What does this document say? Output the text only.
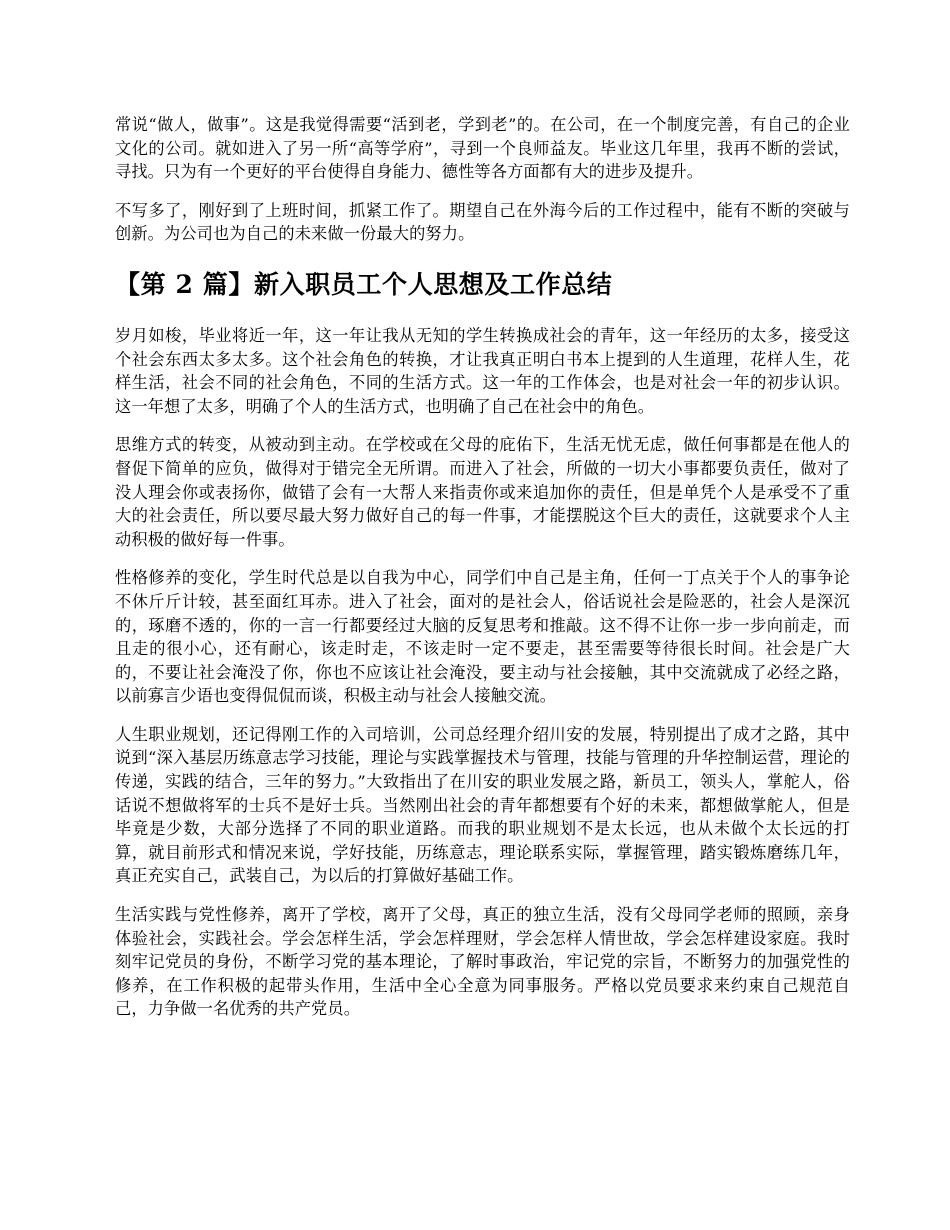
常说“做人，做事”。这是我觉得需要“活到老，学到老”的。在公司，在一个制度完善，有自己的企业文化的公司。就如进入了另一所“高等学府”，寻到一个良师益友。毕业这几年里，我再不断的尝试，寻找。只为有一个更好的平台使得自身能力、德性等各方面都有大的进步及提升。

不写多了，刚好到了上班时间，抓紧工作了。期望自己在外海今后的工作过程中，能有不断的突破与创新。为公司也为自己的未来做一份最大的努力。

【第 2 篇】新入职员工个人思想及工作总结

岁月如梭，毕业将近一年，这一年让我从无知的学生转换成社会的青年，这一年经历的太多，接受这个社会东西太多太多。这个社会角色的转换，才让我真正明白书本上提到的人生道理，花样人生，花样生活，社会不同的社会角色，不同的生活方式。这一年的工作体会，也是对社会一年的初步认识。这一年想了太多，明确了个人的生活方式，也明确了自己在社会中的角色。

思维方式的转变，从被动到主动。在学校或在父母的庇佑下，生活无忧无虑，做任何事都是在他人的督促下简单的应负，做得对于错完全无所谓。而进入了社会，所做的一切大小事都要负责任，做对了没人理会你或表扬你，做错了会有一大帮人来指责你或来追加你的责任，但是单凭个人是承受不了重大的社会责任，所以要尽最大努力做好自己的每一件事，才能摆脱这个巨大的责任，这就要求个人主动积极的做好每一件事。

性格修养的变化，学生时代总是以自我为中心，同学们中自己是主角，任何一丁点关于个人的事争论不休斤斤计较，甚至面红耳赤。进入了社会，面对的是社会人，俗话说社会是险恶的，社会人是深沉的，琢磨不透的，你的一言一行都要经过大脑的反复思考和推敲。这不得不让你一步一步向前走，而且走的很小心，还有耐心，该走时走，不该走时一定不要走，甚至需要等待很长时间。社会是广大的，不要让社会淹没了你，你也不应该让社会淹没，要主动与社会接触，其中交流就成了必经之路，以前寡言少语也变得侃侃而谈，积极主动与社会人接触交流。

人生职业规划，还记得刚工作的入司培训，公司总经理介绍川安的发展，特别提出了成才之路，其中说到“深入基层历练意志学习技能，理论与实践掌握技术与管理，技能与管理的升华控制运营，理论的传递，实践的结合，三年的努力。”大致指出了在川安的职业发展之路，新员工，领头人，掌舵人，俗话说不想做将军的士兵不是好士兵。当然刚出社会的青年都想要有个好的未来，都想做掌舵人，但是毕竟是少数，大部分选择了不同的职业道路。而我的职业规划不是太长远，也从未做个太长远的打算，就目前形式和情况来说，学好技能，历练意志，理论联系实际，掌握管理，踏实锻炼磨练几年，真正充实自己，武装自己，为以后的打算做好基础工作。

生活实践与党性修养，离开了学校，离开了父母，真正的独立生活，没有父母同学老师的照顾，亲身体验社会，实践社会。学会怎样生活，学会怎样理财，学会怎样人情世故，学会怎样建设家庭。我时刻牢记党员的身份，不断学习党的基本理论，了解时事政治，牢记党的宗旨，不断努力的加强党性的修养，在工作积极的起带头作用，生活中全心全意为同事服务。严格以党员要求来约束自己规范自己，力争做一名优秀的共产党员。
